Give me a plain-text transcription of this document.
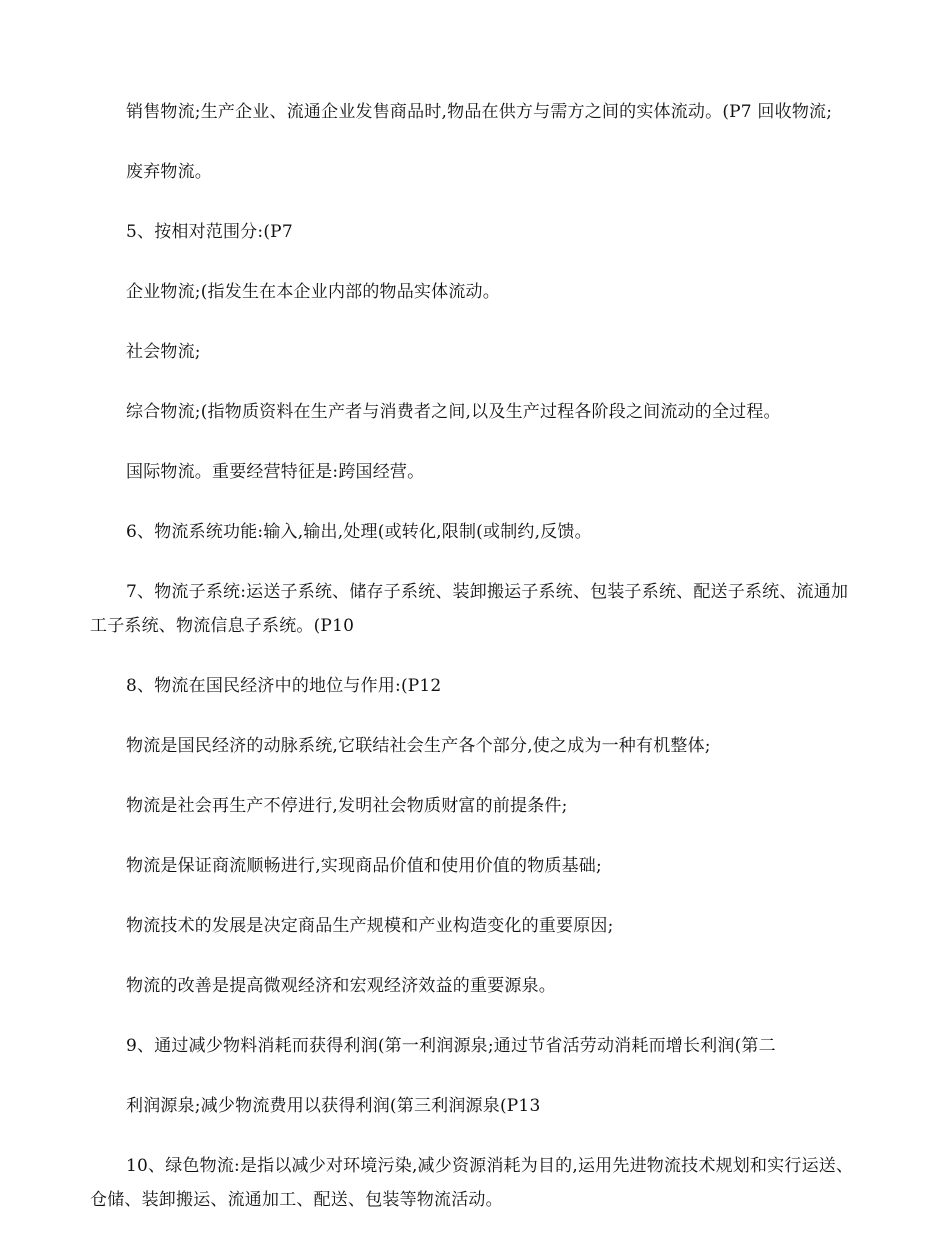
销售物流;生产企业、流通企业发售商品时,物品在供方与需方之间的实体流动。(P7 回收物流;

废弃物流。

5、按相对范围分:(P7

企业物流;(指发生在本企业内部的物品实体流动。

社会物流;

综合物流;(指物质资料在生产者与消费者之间,以及生产过程各阶段之间流动的全过程。

国际物流。重要经营特征是:跨国经营。

6、物流系统功能:输入,输出,处理(或转化,限制(或制约,反馈。

7、物流子系统:运送子系统、储存子系统、装卸搬运子系统、包装子系统、配送子系统、流通加工子系统、物流信息子系统。(P10

8、物流在国民经济中的地位与作用:(P12

物流是国民经济的动脉系统,它联结社会生产各个部分,使之成为一种有机整体;

物流是社会再生产不停进行,发明社会物质财富的前提条件;

物流是保证商流顺畅进行,实现商品价值和使用价值的物质基础;

物流技术的发展是决定商品生产规模和产业构造变化的重要原因;

物流的改善是提高微观经济和宏观经济效益的重要源泉。

9、通过减少物料消耗而获得利润(第一利润源泉;通过节省活劳动消耗而增长利润(第二

利润源泉;减少物流费用以获得利润(第三利润源泉(P13

10、绿色物流:是指以减少对环境污染,减少资源消耗为目的,运用先进物流技术规划和实行运送、仓储、装卸搬运、流通加工、配送、包装等物流活动。
